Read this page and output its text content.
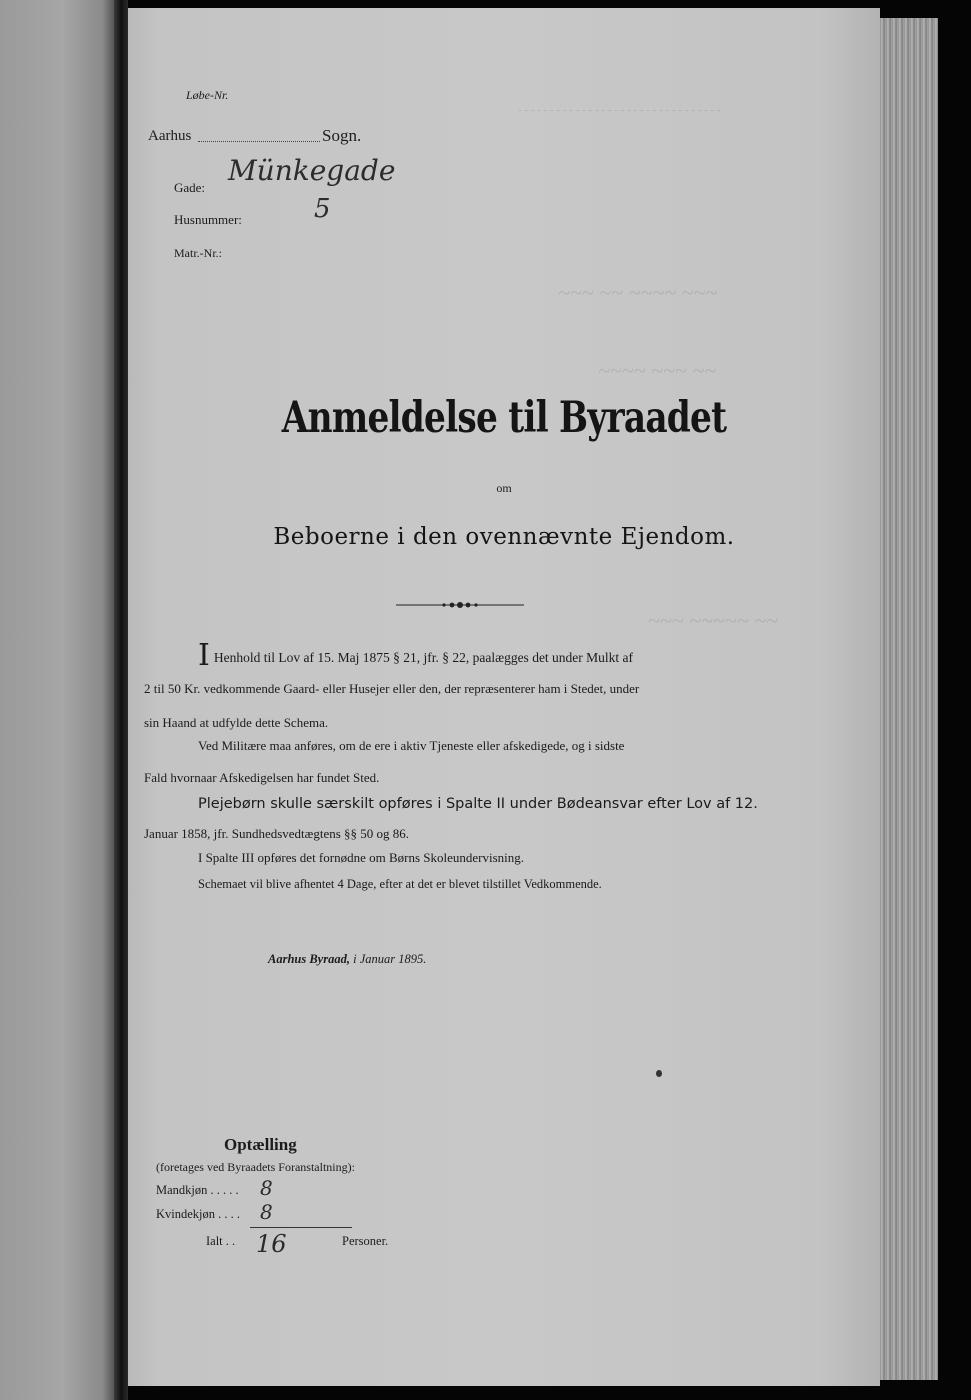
~~~ ~~ ~~~~ ~~~
~~~~ ~~~ ~~
~~~ ~~~~~ ~~
- - - - - - - - - - - - - - - - - - - - - - - - - - - - - - - -
Løbe-Nr.
Aarhus	Sogn.
Gade:
Münkegade
Husnummer:	5
Matr.-Nr.:
Anmeldelse til Byraadet
om
Beboerne i den ovennævnte Ejendom.
I Henhold til Lov af 15. Maj 1875 § 21, jfr. § 22, paalægges det under Mulkt af
2 til 50 Kr. vedkommende Gaard- eller Husejer eller den, der repræsenterer ham i Stedet, under
sin Haand at udfylde dette Schema.
Ved Militære maa anføres, om de ere i aktiv Tjeneste eller afskedigede, og i sidste
Fald hvornaar Afskedigelsen har fundet Sted.
Plejebørn skulle særskilt opføres i Spalte II under Bødeansvar efter Lov af 12.
Januar 1858, jfr. Sundhedsvedtægtens §§ 50 og 86.
I Spalte III opføres det fornødne om Børns Skoleundervisning.
Schemaet vil blive afhentet 4 Dage, efter at det er blevet tilstillet Vedkommende.
Aarhus Byraad, i Januar 1895.
Optælling
(foretages ved Byraadets Foranstaltning):
Mandkjøn . . . . . 8
Kvindekjøn . . . . 8
Ialt . . 16	Personer.
